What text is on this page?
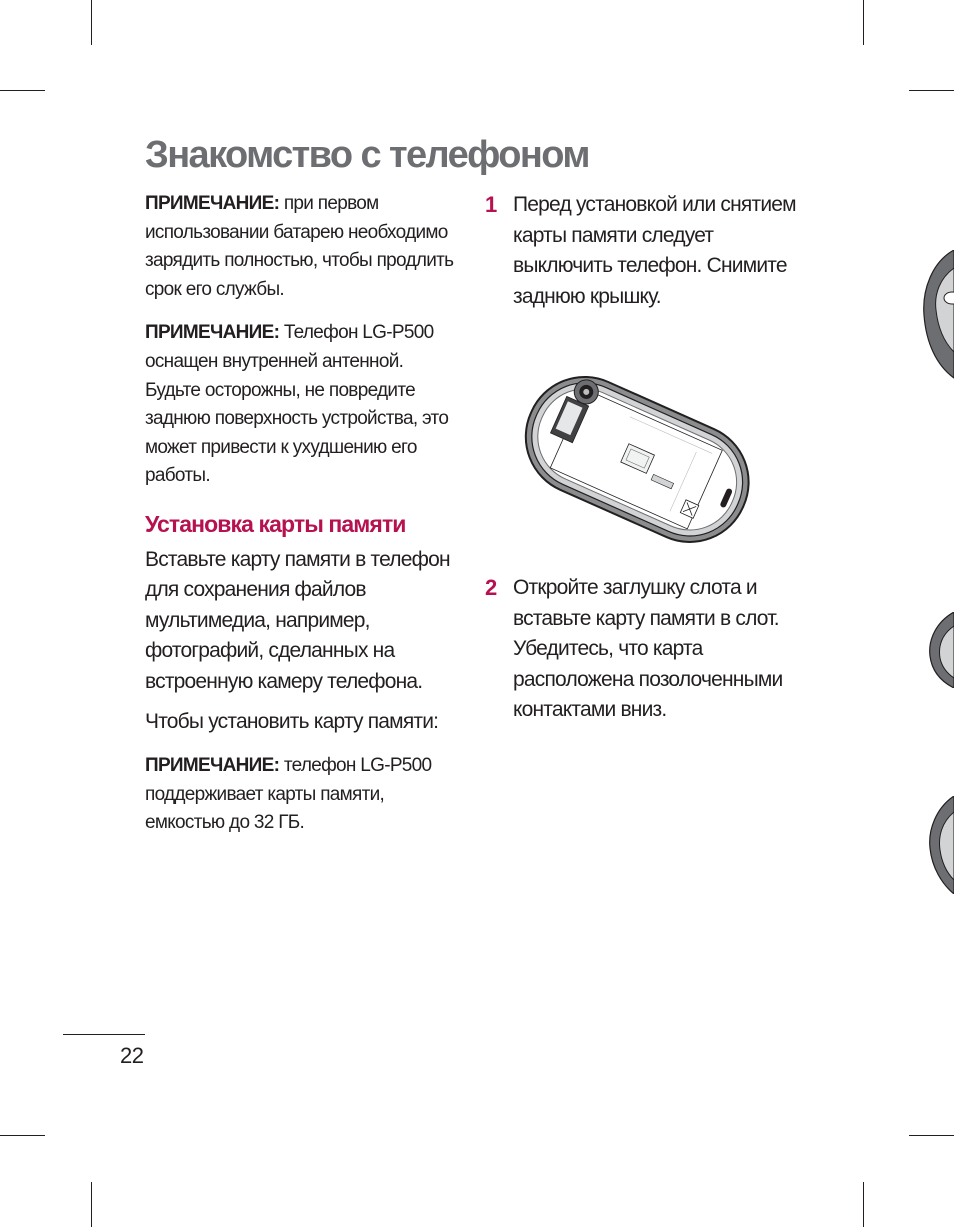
Знакомство с телефоном

ПРИМЕЧАНИЕ: при первом использовании батарею необходимо зарядить полностью, чтобы продлить срок его службы.

ПРИМЕЧАНИЕ: Телефон LG-P500 оснащен внутренней антенной. Будьте осторожны, не повредите заднюю поверхность устройства, это может привести к ухудшению его работы.

Установка карты памяти

Вставьте карту памяти в телефон для сохранения файлов мультимедиа, например, фотографий, сделанных на встроенную камеру телефона.

Чтобы установить карту памяти:

ПРИМЕЧАНИЕ: телефон LG-P500 поддерживает карты памяти, емкостью до 32 ГБ.

1 Перед установкой или снятием карты памяти следует выключить телефон. Снимите заднюю крышку.
2 Откройте заглушку слота и вставьте карту памяти в слот. Убедитесь, что карта расположена позолоченными контактами вниз.
22
